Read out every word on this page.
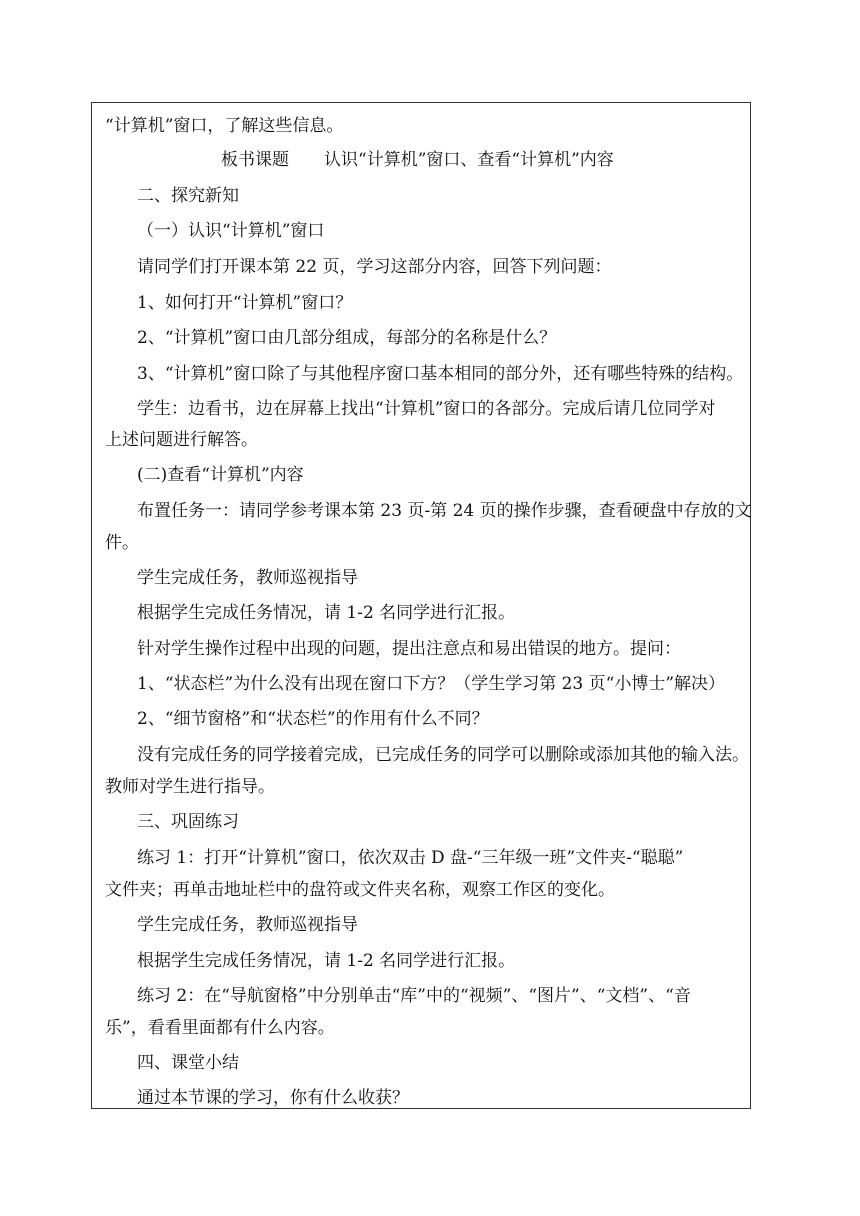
“计算机”窗口，了解这些信息。
板书课题 认识“计算机”窗口、查看“计算机”内容
二、探究新知
（一）认识“计算机”窗口
请同学们打开课本第 22 页，学习这部分内容，回答下列问题：
1、如何打开“计算机”窗口？
2、“计算机”窗口由几部分组成，每部分的名称是什么？
3、“计算机”窗口除了与其他程序窗口基本相同的部分外，还有哪些特殊的结构。
学生：边看书，边在屏幕上找出“计算机”窗口的各部分。完成后请几位同学对
上述问题进行解答。
(二)查看“计算机”内容
布置任务一：请同学参考课本第 23 页-第 24 页的操作步骤，查看硬盘中存放的文
件。
学生完成任务，教师巡视指导
根据学生完成任务情况，请 1-2 名同学进行汇报。
针对学生操作过程中出现的问题，提出注意点和易出错误的地方。提问：
1、“状态栏”为什么没有出现在窗口下方？（学生学习第 23 页“小博士”解决）
2、“细节窗格”和“状态栏”的作用有什么不同？
没有完成任务的同学接着完成，已完成任务的同学可以删除或添加其他的输入法。
教师对学生进行指导。
三、巩固练习
练习 1：打开“计算机”窗口，依次双击 D 盘-“三年级一班”文件夹-“聪聪”
文件夹；再单击地址栏中的盘符或文件夹名称，观察工作区的变化。
学生完成任务，教师巡视指导
根据学生完成任务情况，请 1-2 名同学进行汇报。
练习 2：在“导航窗格”中分别单击“库”中的“视频”、“图片”、“文档”、“音
乐”，看看里面都有什么内容。
四、课堂小结
通过本节课的学习，你有什么收获？
